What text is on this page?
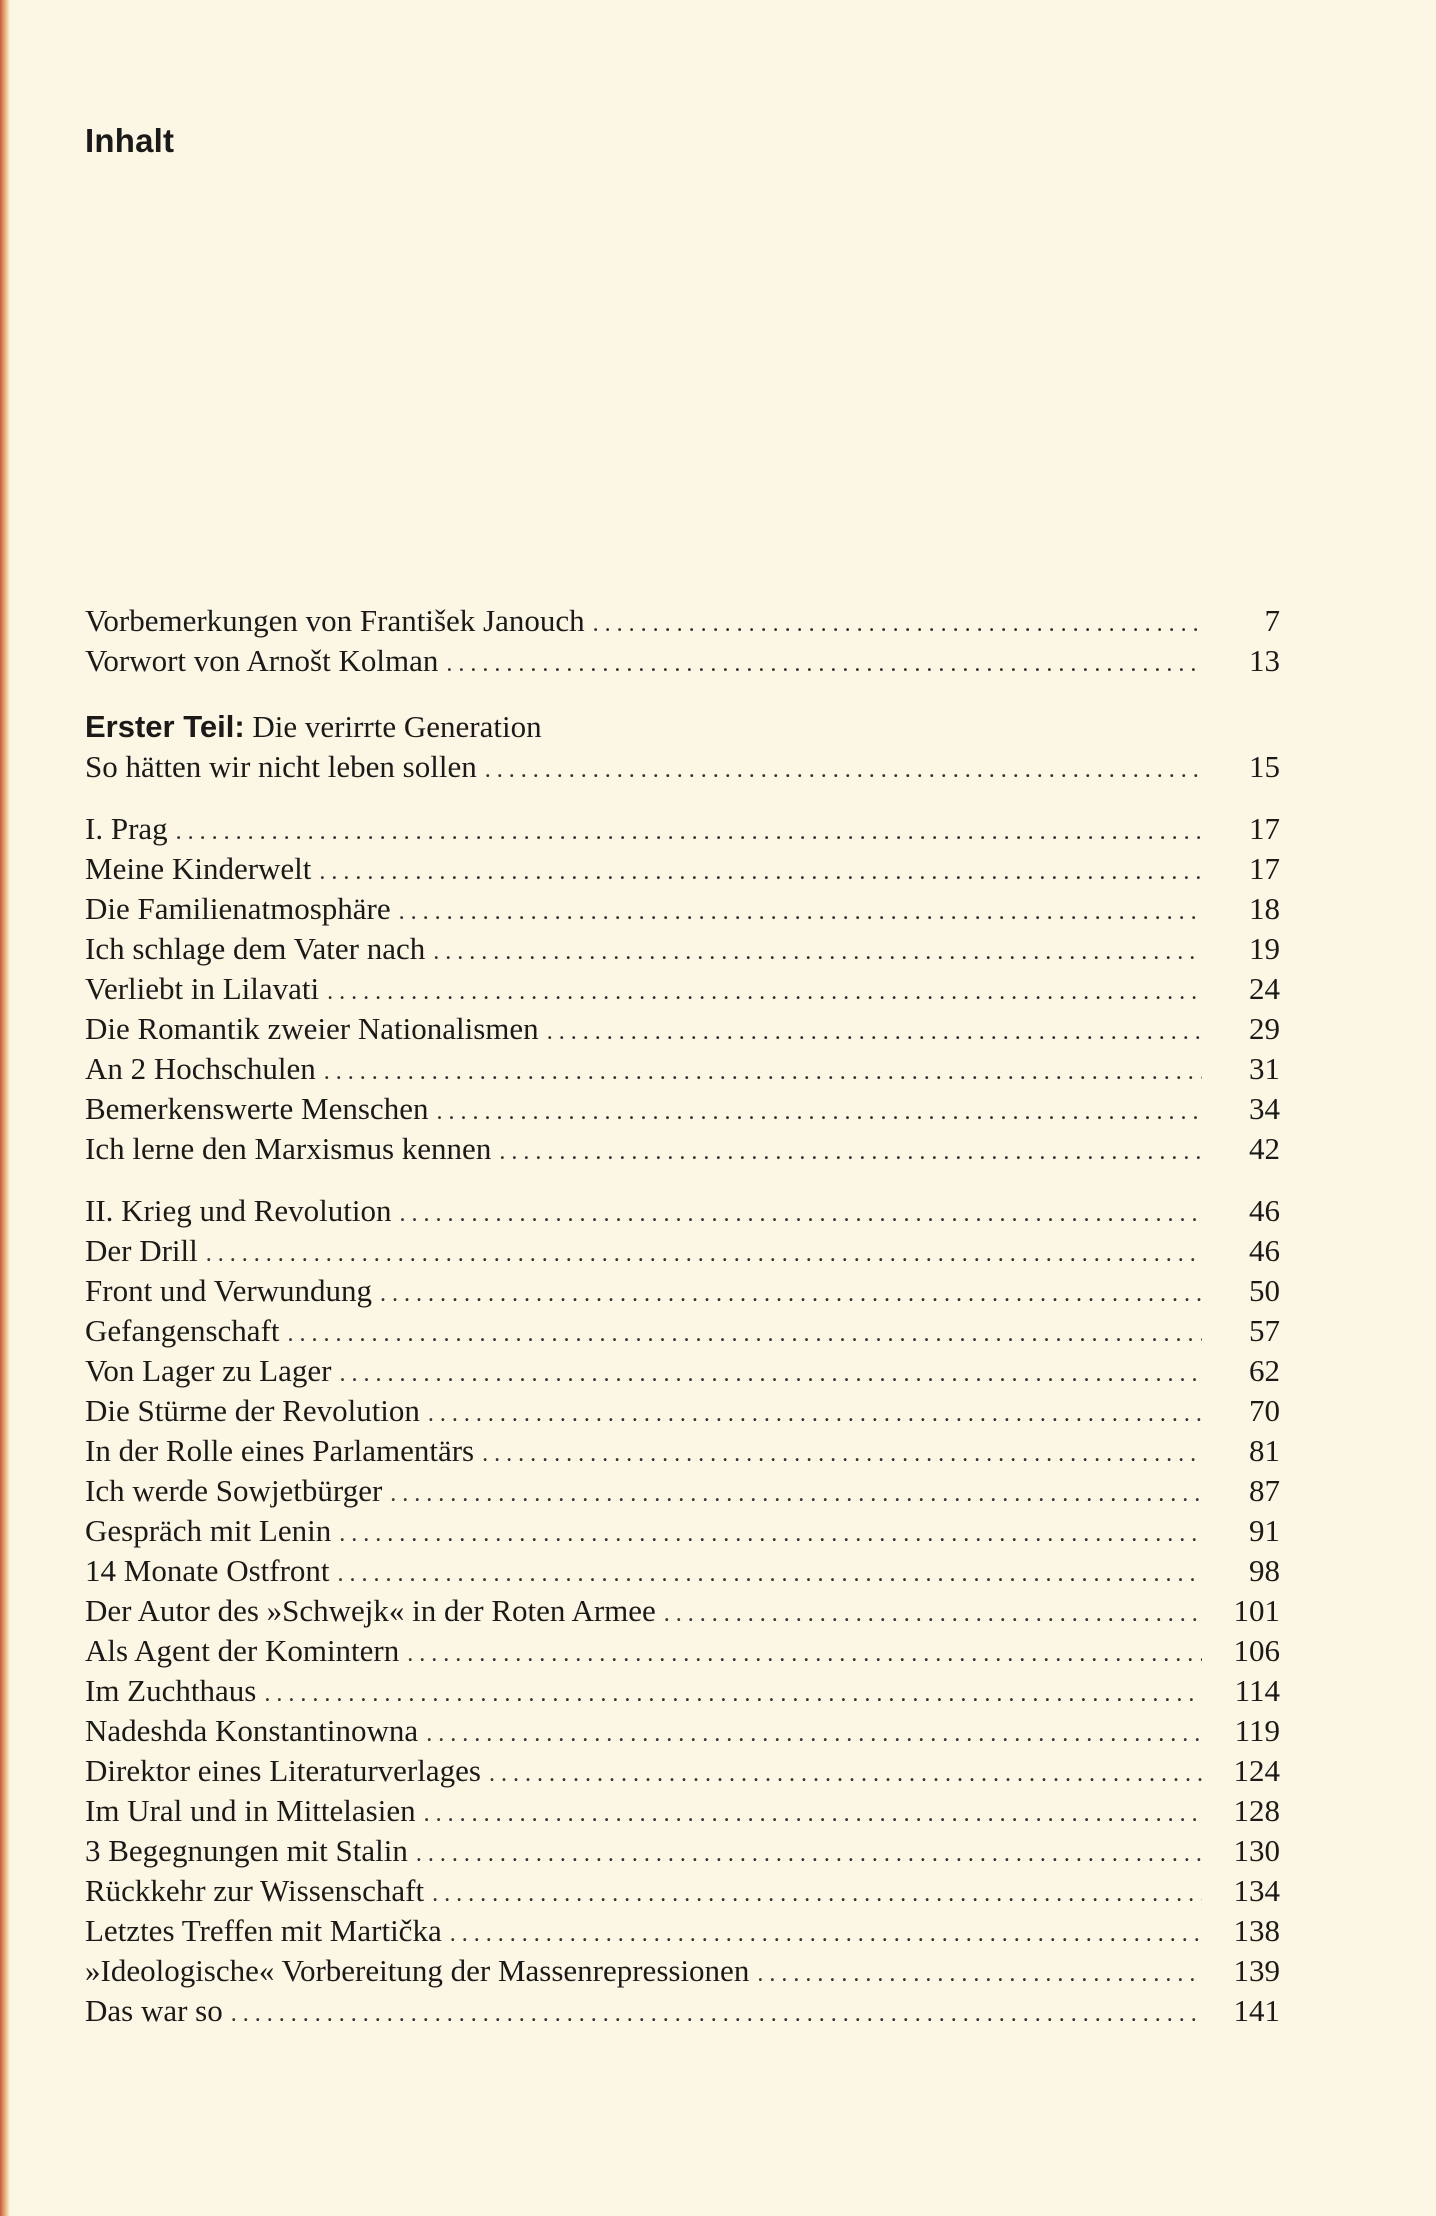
Inhalt
Vorbemerkungen von František Janouch . . .	7
Vorwort von Arnošt Kolman . . .	13
Erster Teil: Die verirrte Generation
So hätten wir nicht leben sollen . . .	15
I. Prag . . .	17
Meine Kinderwelt . . .	17
Die Familienatmosphäre . . .	18
Ich schlage dem Vater nach . . .	19
Verliebt in Lilavati . . .	24
Die Romantik zweier Nationalismen . . .	29
An 2 Hochschulen . . .	31
Bemerkenswerte Menschen . . .	34
Ich lerne den Marxismus kennen . . .	42
II. Krieg und Revolution . . .	46
Der Drill . . .	46
Front und Verwundung . . .	50
Gefangenschaft . . .	57
Von Lager zu Lager . . .	62
Die Stürme der Revolution . . .	70
In der Rolle eines Parlamentärs . . .	81
Ich werde Sowjetbürger . . .	87
Gespräch mit Lenin . . .	91
14 Monate Ostfront . . .	98
Der Autor des »Schwejk« in der Roten Armee . . .	101
Als Agent der Komintern . . .	106
Im Zuchthaus . . .	114
Nadeshda Konstantinowna . . .	119
Direktor eines Literaturverlages . . .	124
Im Ural und in Mittelasien . . .	128
3 Begegnungen mit Stalin . . .	130
Rückkehr zur Wissenschaft . . .	134
Letztes Treffen mit Martička . . .	138
»Ideologische« Vorbereitung der Massenrepressionen . . .	139
Das war so . . .	141
